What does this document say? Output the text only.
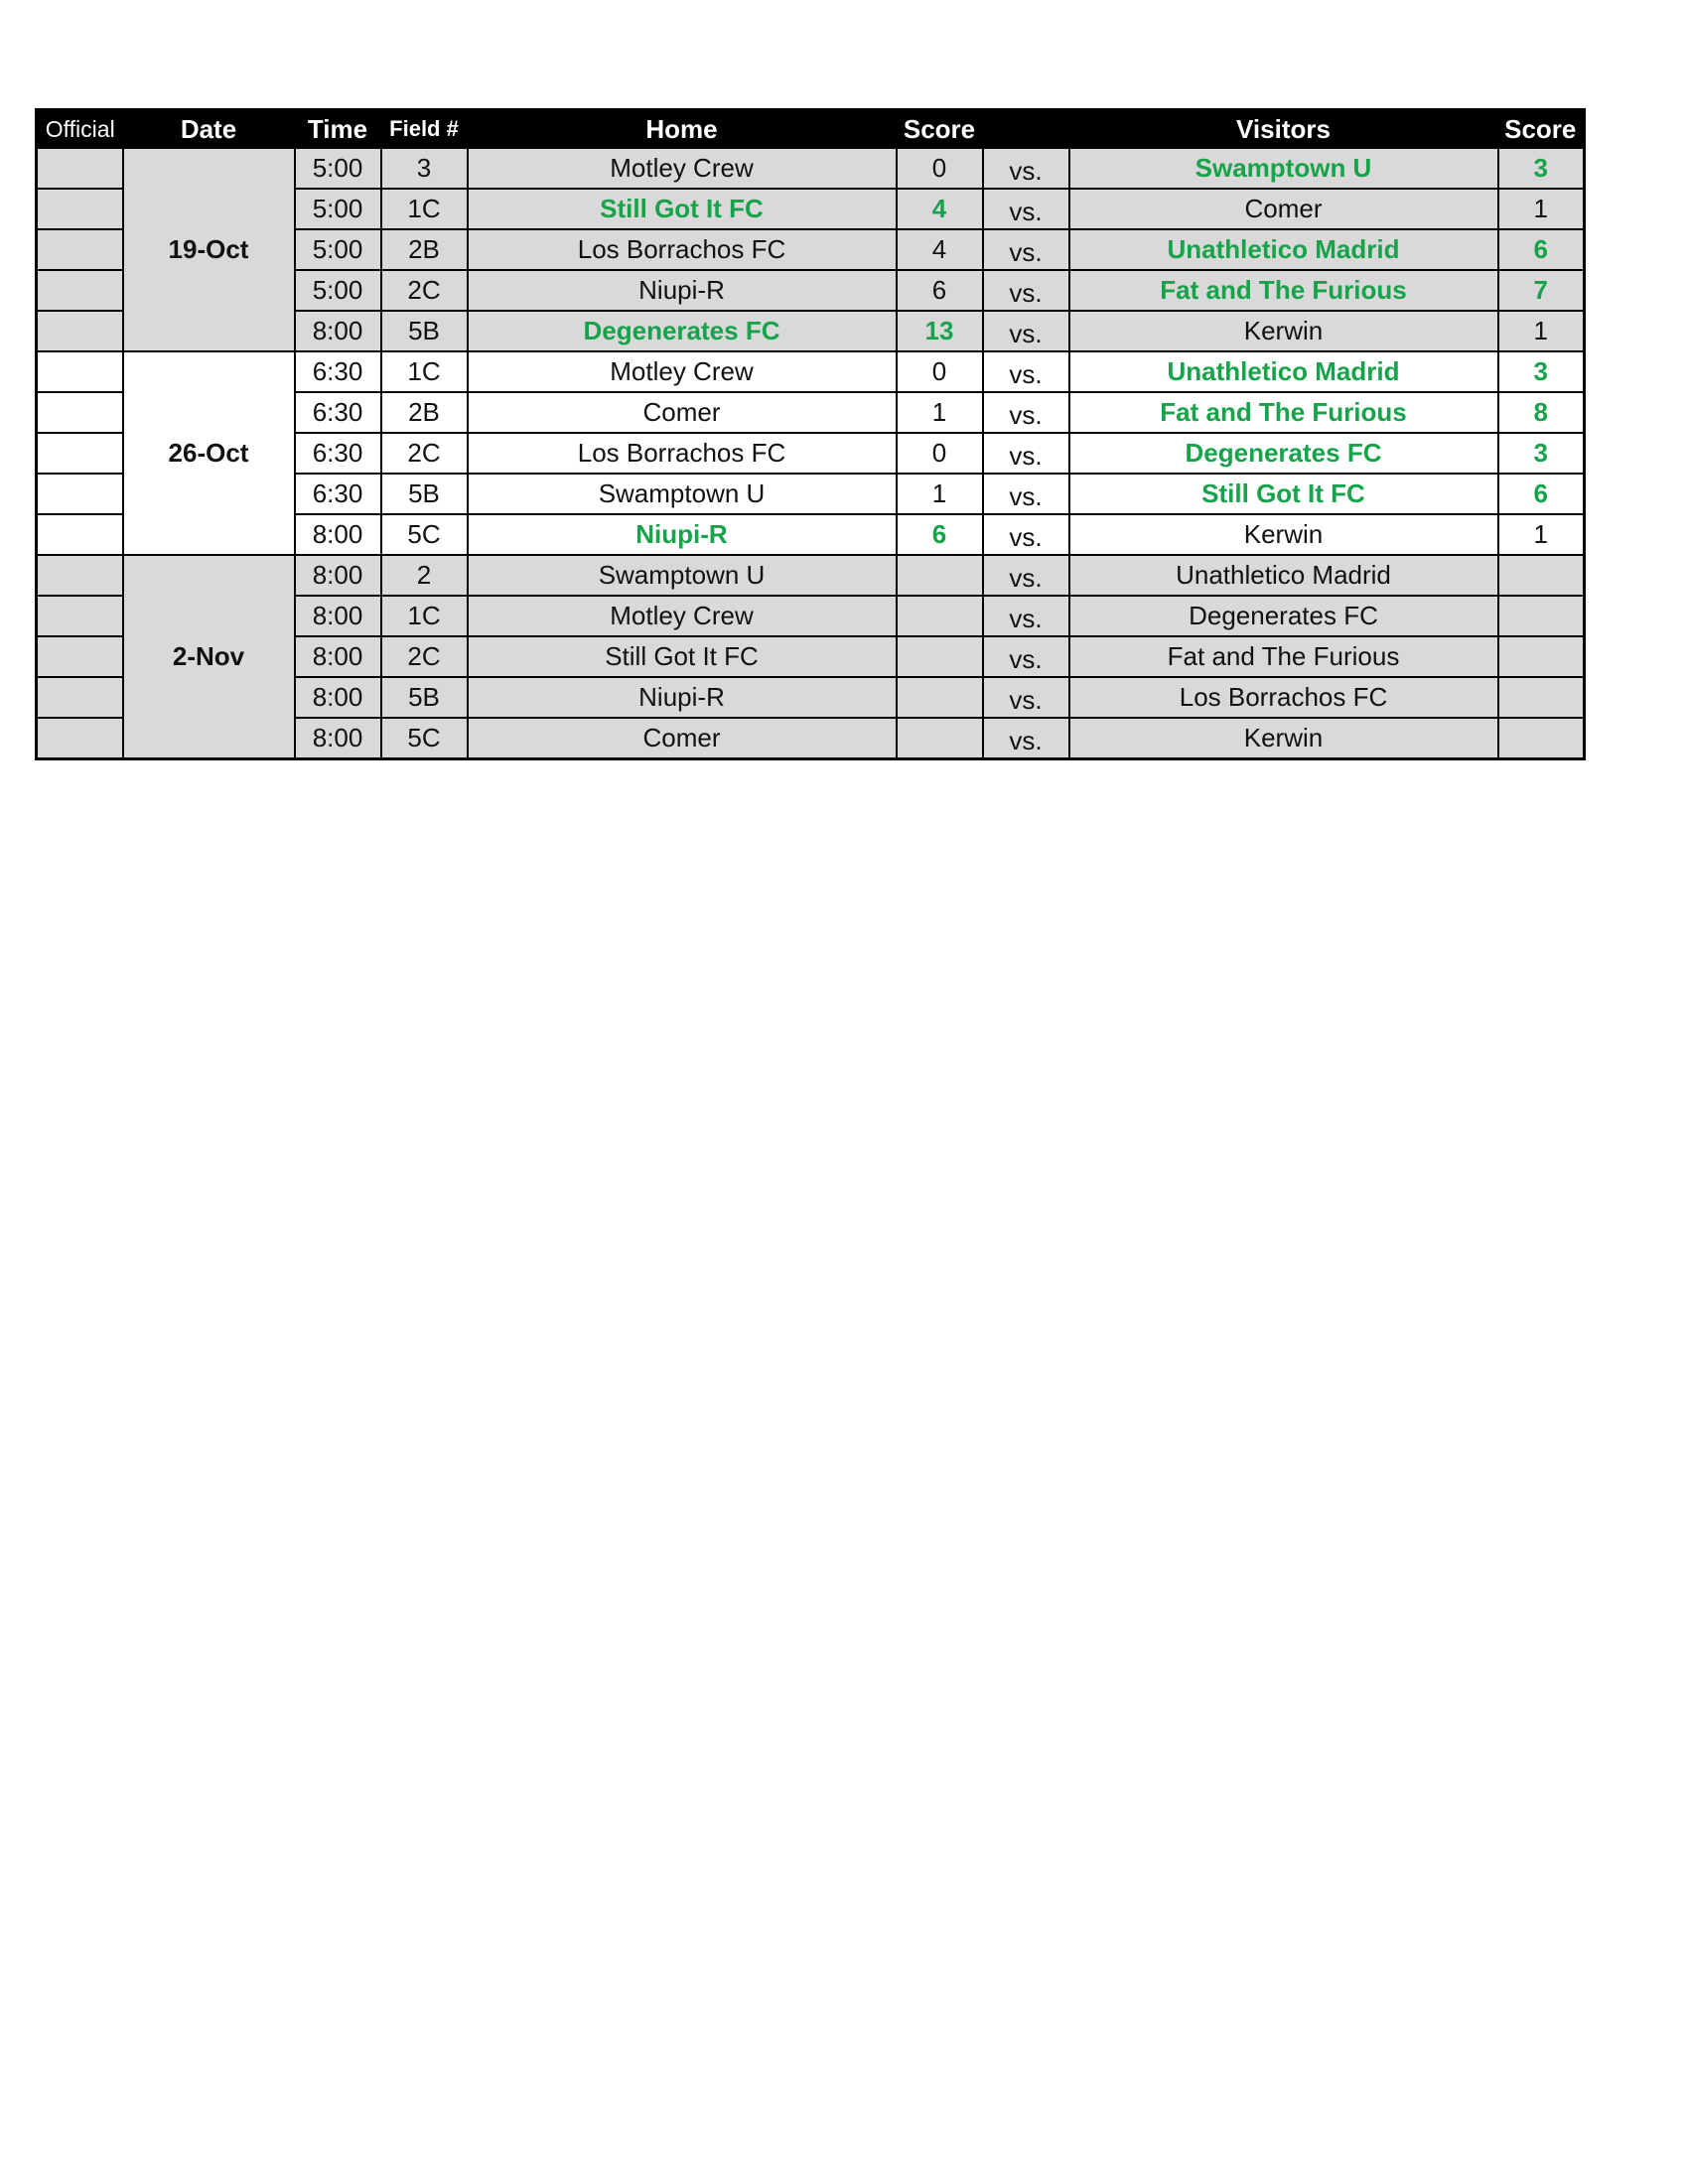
Official	Date	Time	Field #	Home	Score		Visitors	Score
	19-Oct	5:00	3	Motley Crew	0	vs.	Swamptown U	3
		5:00	1C	Still Got It FC	4	vs.	Comer	1
		5:00	2B	Los Borrachos FC	4	vs.	Unathletico Madrid	6
		5:00	2C	Niupi-R	6	vs.	Fat and The Furious	7
		8:00	5B	Degenerates FC	13	vs.	Kerwin	1
	26-Oct	6:30	1C	Motley Crew	0	vs.	Unathletico Madrid	3
		6:30	2B	Comer	1	vs.	Fat and The Furious	8
		6:30	2C	Los Borrachos FC	0	vs.	Degenerates FC	3
		6:30	5B	Swamptown U	1	vs.	Still Got It FC	6
		8:00	5C	Niupi-R	6	vs.	Kerwin	1
	2-Nov	8:00	2	Swamptown U		vs.	Unathletico Madrid	
		8:00	1C	Motley Crew		vs.	Degenerates FC	
		8:00	2C	Still Got It FC		vs.	Fat and The Furious	
		8:00	5B	Niupi-R		vs.	Los Borrachos FC	
		8:00	5C	Comer		vs.	Kerwin	
